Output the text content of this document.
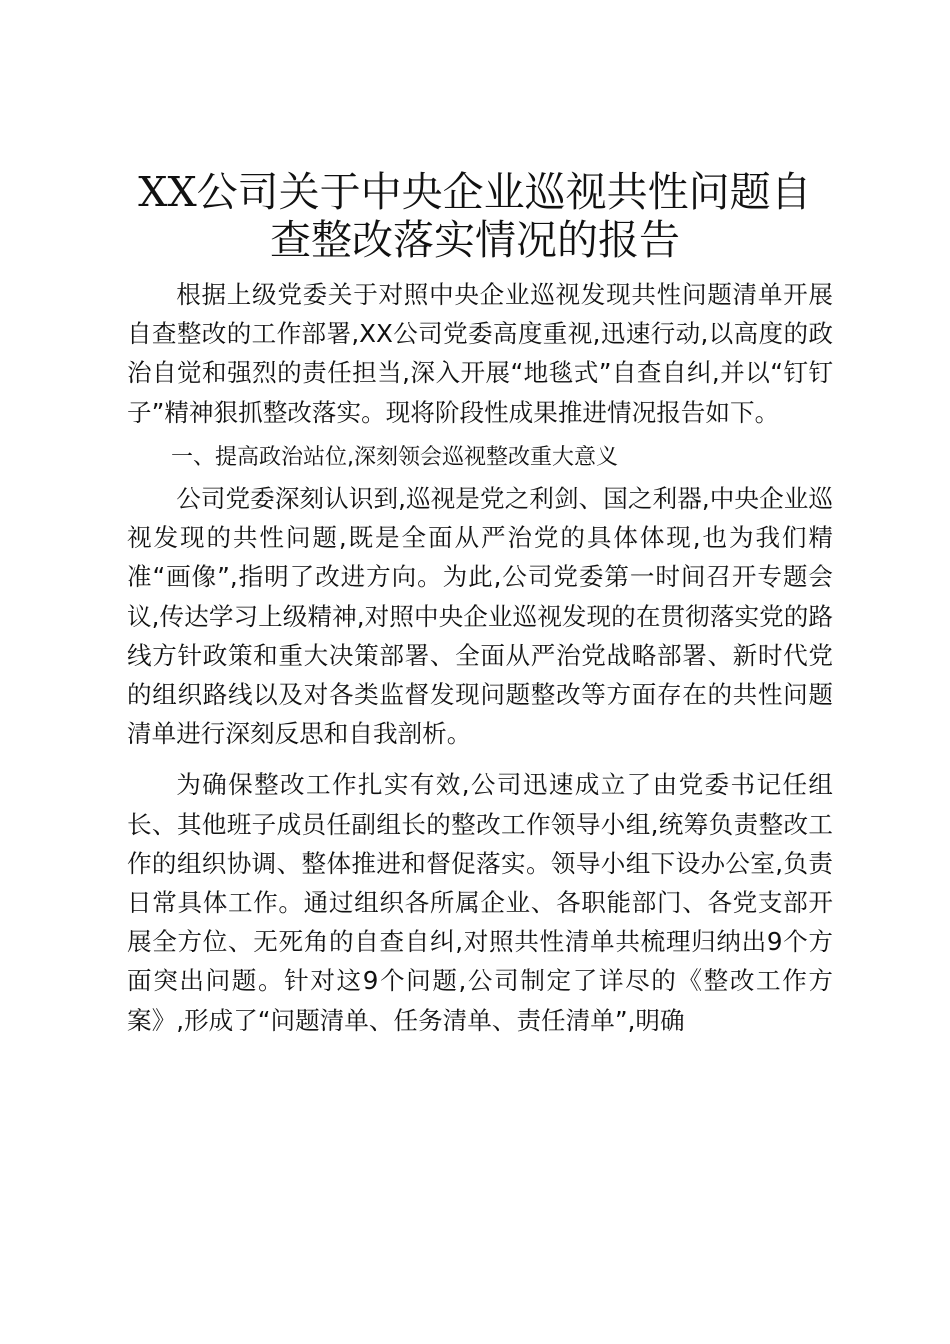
XX公司关于中央企业巡视共性问题自查整改落实情况的报告

根据上级党委关于对照中央企业巡视发现共性问题清单开展自查整改的工作部署,XX公司党委高度重视,迅速行动,以高度的政治自觉和强烈的责任担当,深入开展“地毯式”自查自纠,并以“钉钉子”精神狠抓整改落实。现将阶段性成果推进情况报告如下。

一、提高政治站位,深刻领会巡视整改重大意义

公司党委深刻认识到,巡视是党之利剑、国之利器,中央企业巡视发现的共性问题,既是全面从严治党的具体体现,也为我们精准“画像”,指明了改进方向。为此,公司党委第一时间召开专题会议,传达学习上级精神,对照中央企业巡视发现的在贯彻落实党的路线方针政策和重大决策部署、全面从严治党战略部署、新时代党的组织路线以及对各类监督发现问题整改等方面存在的共性问题清单进行深刻反思和自我剖析。

为确保整改工作扎实有效,公司迅速成立了由党委书记任组长、其他班子成员任副组长的整改工作领导小组,统筹负责整改工作的组织协调、整体推进和督促落实。领导小组下设办公室,负责日常具体工作。通过组织各所属企业、各职能部门、各党支部开展全方位、无死角的自查自纠,对照共性清单共梳理归纳出9个方面突出问题。针对这9个问题,公司制定了详尽的《整改工作方案》,形成了“问题清单、任务清单、责任清单”,明确
